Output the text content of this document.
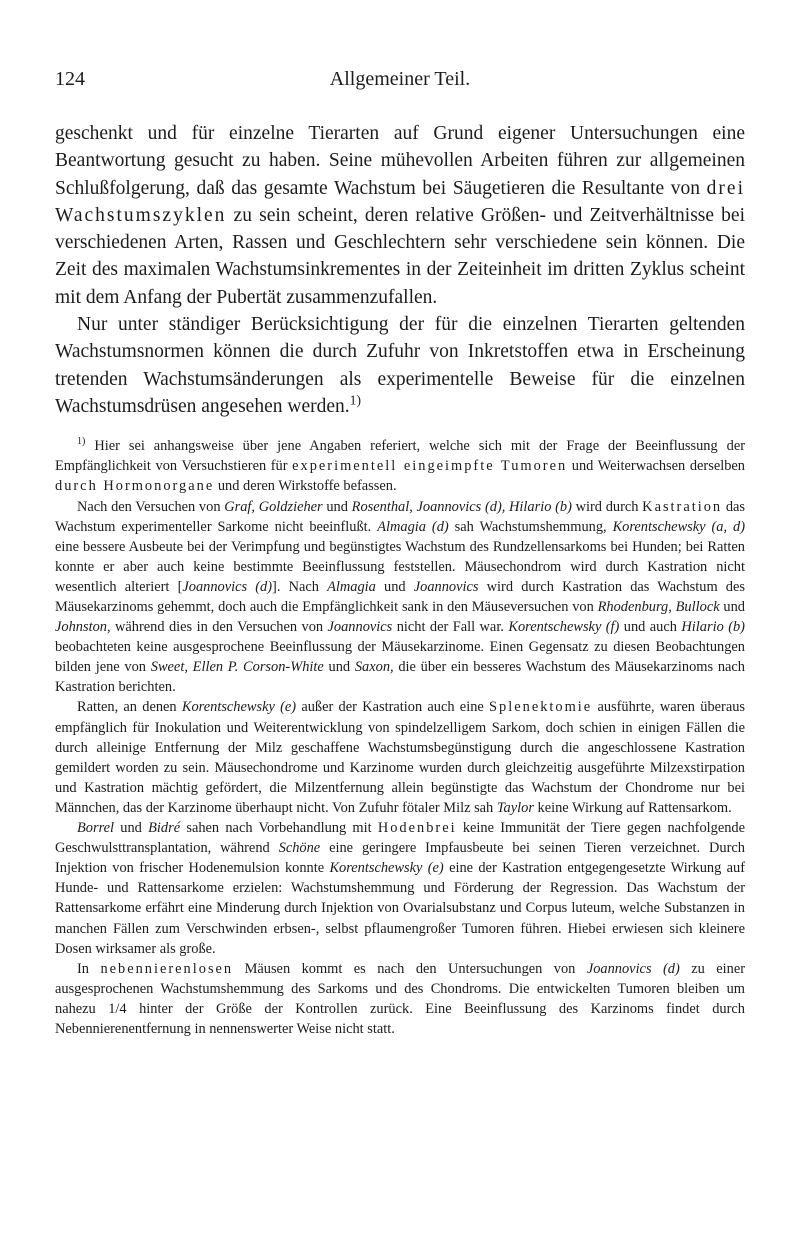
124	Allgemeiner Teil.

geschenkt und für einzelne Tierarten auf Grund eigener Untersuchungen eine Beantwortung gesucht zu haben. Seine mühevollen Arbeiten führen zur allgemeinen Schlußfolgerung, daß das gesamte Wachstum bei Säugetieren die Resultante von drei Wachstumszyklen zu sein scheint, deren relative Größen- und Zeitverhältnisse bei verschiedenen Arten, Rassen und Geschlechtern sehr verschiedene sein können. Die Zeit des maximalen Wachstumsinkrementes in der Zeiteinheit im dritten Zyklus scheint mit dem Anfang der Pubertät zusammenzufallen.

Nur unter ständiger Berücksichtigung der für die einzelnen Tierarten geltenden Wachstumsnormen können die durch Zufuhr von Inkretstoffen etwa in Erscheinung tretenden Wachstumsänderungen als experimentelle Beweise für die einzelnen Wachstumsdrüsen angesehen werden.$^{1)}$

$^{1)}$ Hier sei anhangsweise über jene Angaben referiert, welche sich mit der Frage der Beeinflussung der Empfänglichkeit von Versuchstieren für experimentell eingeimpfte Tumoren und Weiterwachsen derselben durch Hormonorgane und deren Wirkstoffe befassen.

Nach den Versuchen von Graf, Goldzieher und Rosenthal, Joannovics (d), Hilario (b) wird durch Kastration das Wachstum experimenteller Sarkome nicht beeinflußt. Almagia (d) sah Wachstumshemmung, Korentschewsky (a, d) eine bessere Ausbeute bei der Verimpfung und begünstigtes Wachstum des Rundzellensarkoms bei Hunden; bei Ratten konnte er aber auch keine bestimmte Beeinflussung feststellen. Mäusechondrom wird durch Kastration nicht wesentlich alteriert [Joannovics (d)]. Nach Almagia und Joannovics wird durch Kastration das Wachstum des Mäusekarzinoms gehemmt, doch auch die Empfänglichkeit sank in den Mäuseversuchen von Rhodenburg, Bullock und Johnston, während dies in den Versuchen von Joannovics nicht der Fall war. Korentschewsky (f) und auch Hilario (b) beobachteten keine ausgesprochene Beeinflussung der Mäusekarzinome. Einen Gegensatz zu diesen Beobachtungen bilden jene von Sweet, Ellen P. Corson-White und Saxon, die über ein besseres Wachstum des Mäusekarzinoms nach Kastration berichten.

Ratten, an denen Korentschewsky (e) außer der Kastration auch eine Splenektomie ausführte, waren überaus empfänglich für Inokulation und Weiterentwicklung von spindelzelligem Sarkom, doch schien in einigen Fällen die durch alleinige Entfernung der Milz geschaffene Wachstumsbegünstigung durch die angeschlossene Kastration gemildert worden zu sein. Mäusechondrome und Karzinome wurden durch gleichzeitig ausgeführte Milzexstirpation und Kastration mächtig gefördert, die Milzentfernung allein begünstigte das Wachstum der Chondrome nur bei Männchen, das der Karzinome überhaupt nicht. Von Zufuhr fötaler Milz sah Taylor keine Wirkung auf Rattensarkom.

Borrel und Bidré sahen nach Vorbehandlung mit Hodenbrei keine Immunität der Tiere gegen nachfolgende Geschwulsttransplantation, während Schöne eine geringere Impfausbeute bei seinen Tieren verzeichnet. Durch Injektion von frischer Hodenemulsion konnte Korentschewsky (e) eine der Kastration entgegengesetzte Wirkung auf Hunde- und Rattensarkome erzielen: Wachstumshemmung und Förderung der Regression. Das Wachstum der Rattensarkome erfährt eine Minderung durch Injektion von Ovarialsubstanz und Corpus luteum, welche Substanzen in manchen Fällen zum Verschwinden erbsen-, selbst pflaumengroßer Tumoren führen. Hiebei erwiesen sich kleinere Dosen wirksamer als große.

In nebennierenlosen Mäusen kommt es nach den Untersuchungen von Joannovics (d) zu einer ausgesprochenen Wachstumshemmung des Sarkoms und des Chondroms. Die entwickelten Tumoren bleiben um nahezu 1/4 hinter der Größe der Kontrollen zurück. Eine Beeinflussung des Karzinoms findet durch Nebennierenentfernung in nennenswerter Weise nicht statt.
